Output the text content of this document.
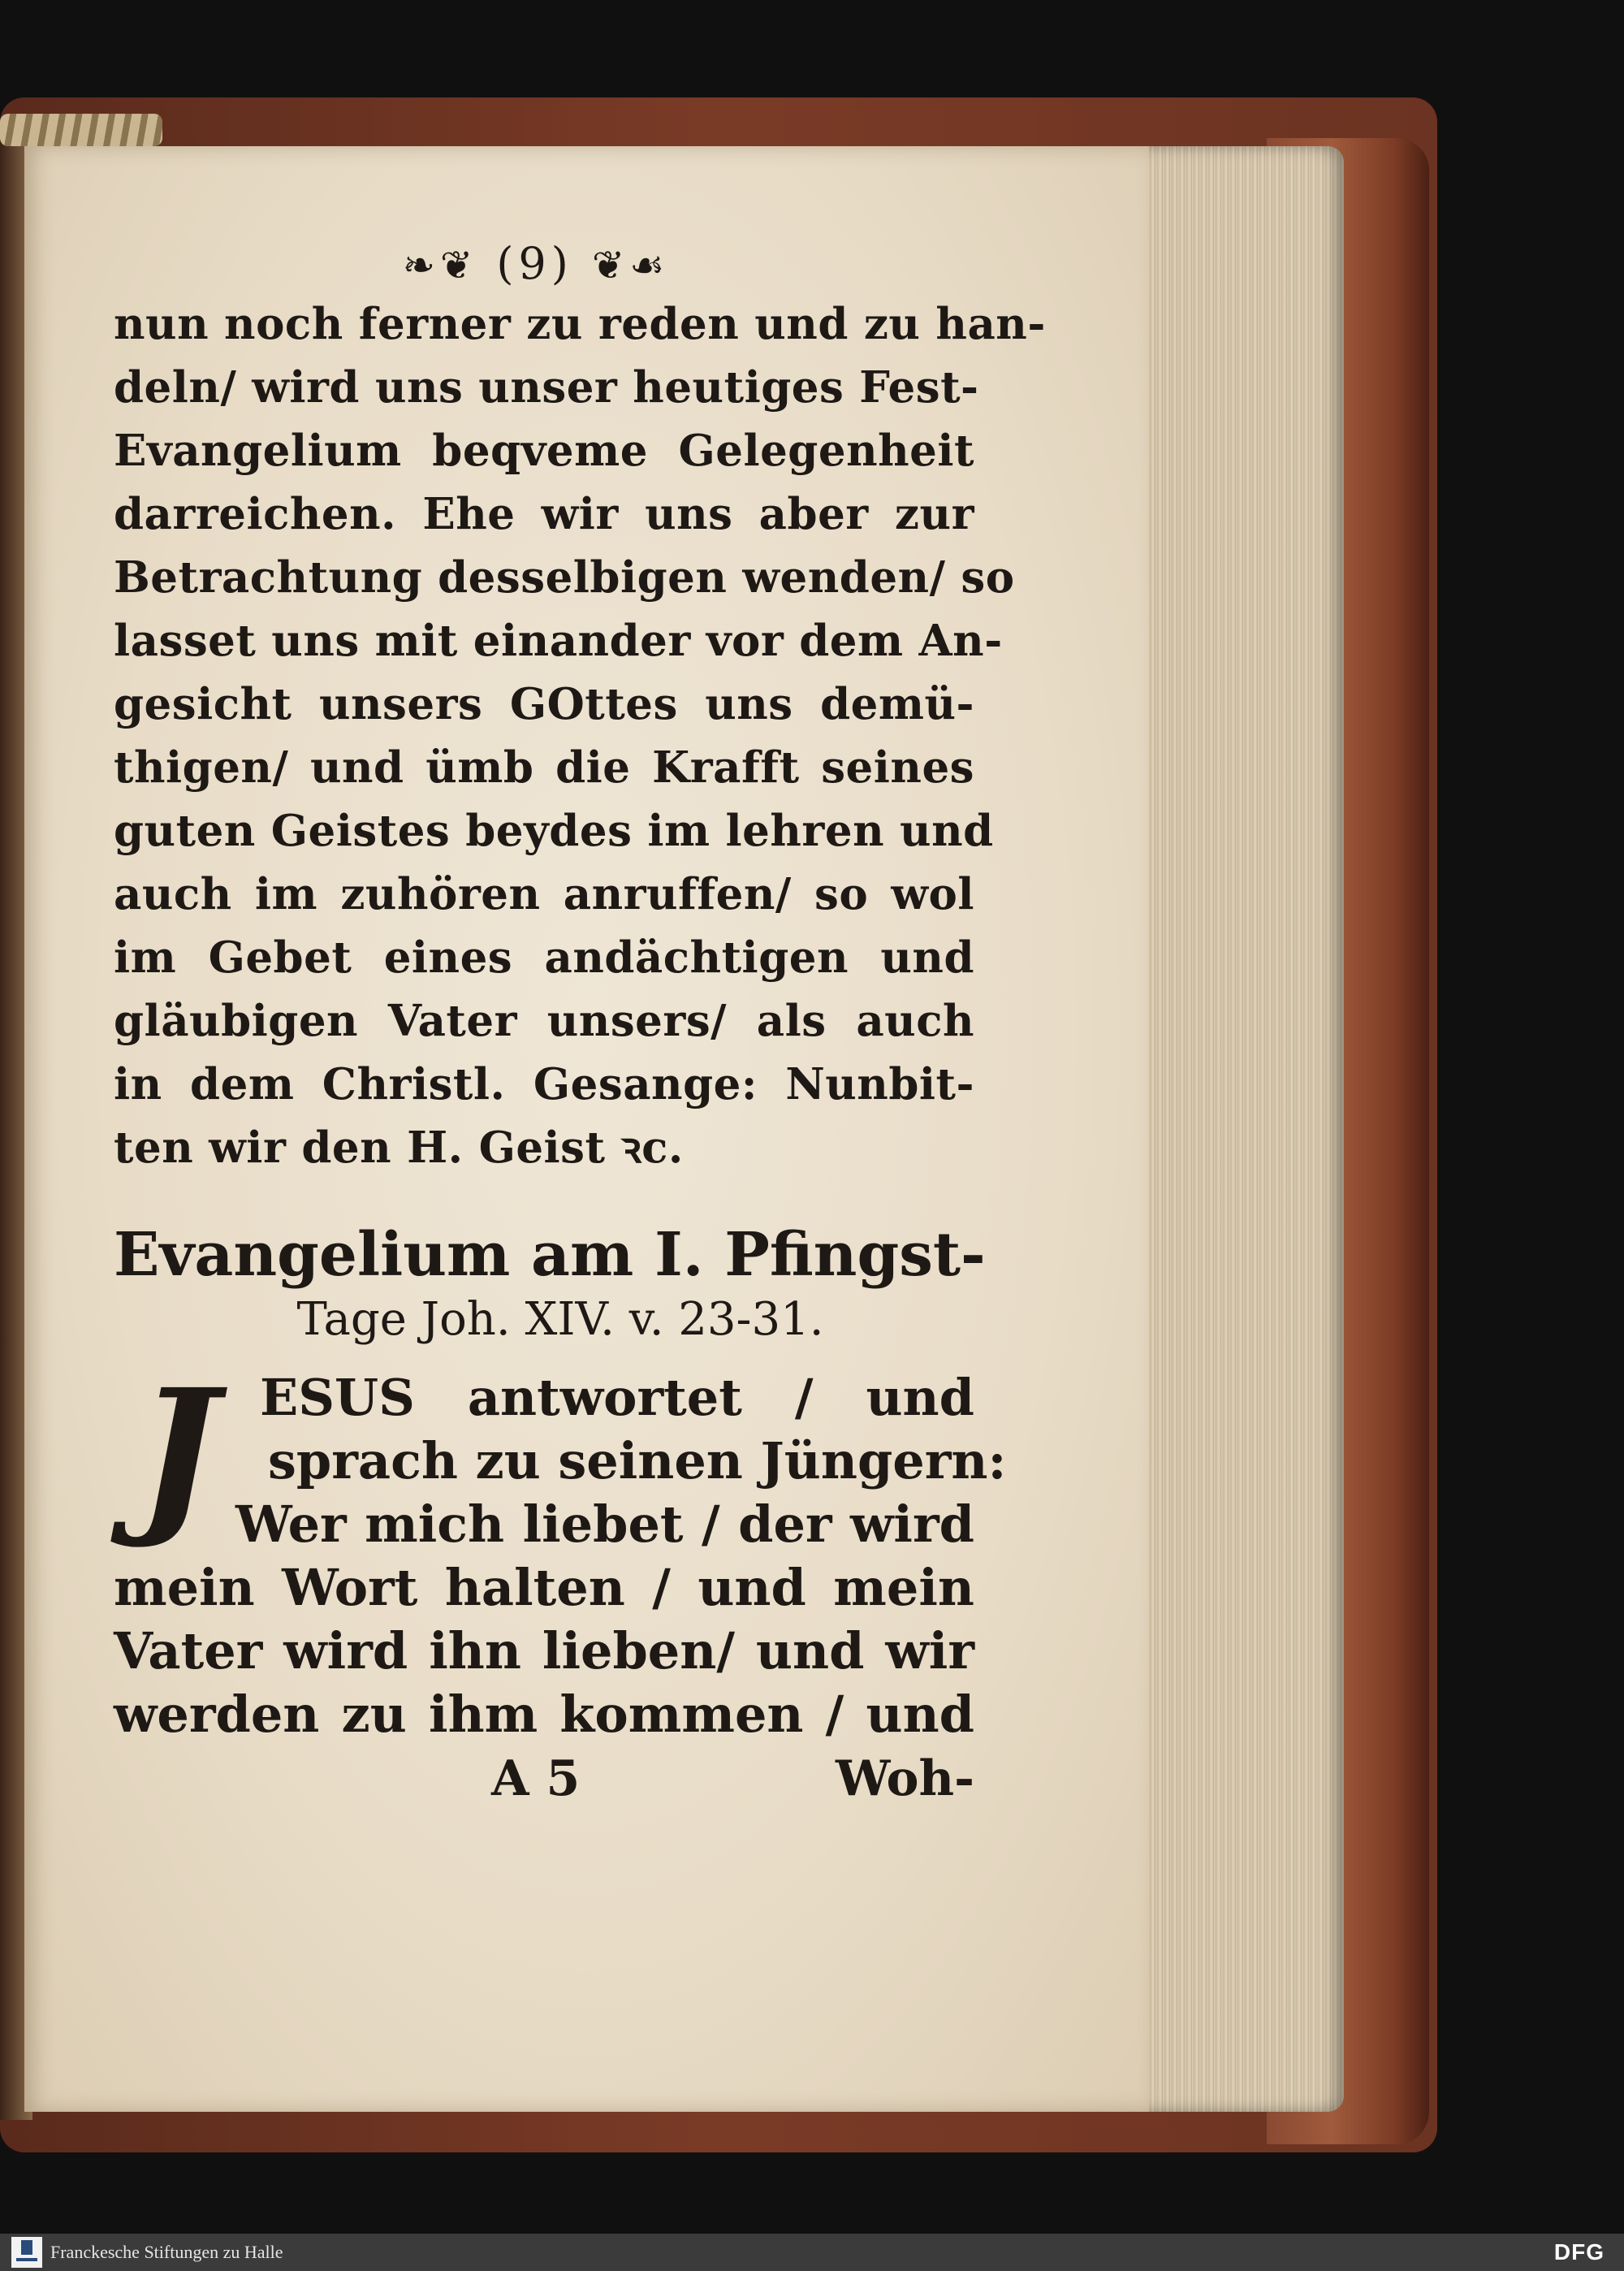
❧❦ (9) ❦☙
nun noch ferner zu reden und zu han-
deln/ wird uns unser heutiges Fest-
Evangelium beqveme Gelegenheit
darreichen. Ehe wir uns aber zur
Betrachtung desselbigen wenden/ so
lasset uns mit einander vor dem An-
gesicht unsers GOttes uns demü-
thigen/ und ümb die Krafft seines
guten Geistes beydes im lehren und
auch im zuhören anruffen/ so wol
im Gebet eines andächtigen und
gläubigen Vater unsers/ als auch
in dem Christl. Gesange: Nunbit-
ten wir den H. Geist ꝛc.
Evangelium am I. Pfingst-
Tage Joh. XIV. v. 23-31.
J ESUS antwortet / und
sprach zu seinen Jüngern:
Wer mich liebet / der wird
mein Wort halten / und mein
Vater wird ihn lieben/ und wir
werden zu ihm kommen / und
A 5	Woh-
Franckesche Stiftungen zu Halle	DFG
